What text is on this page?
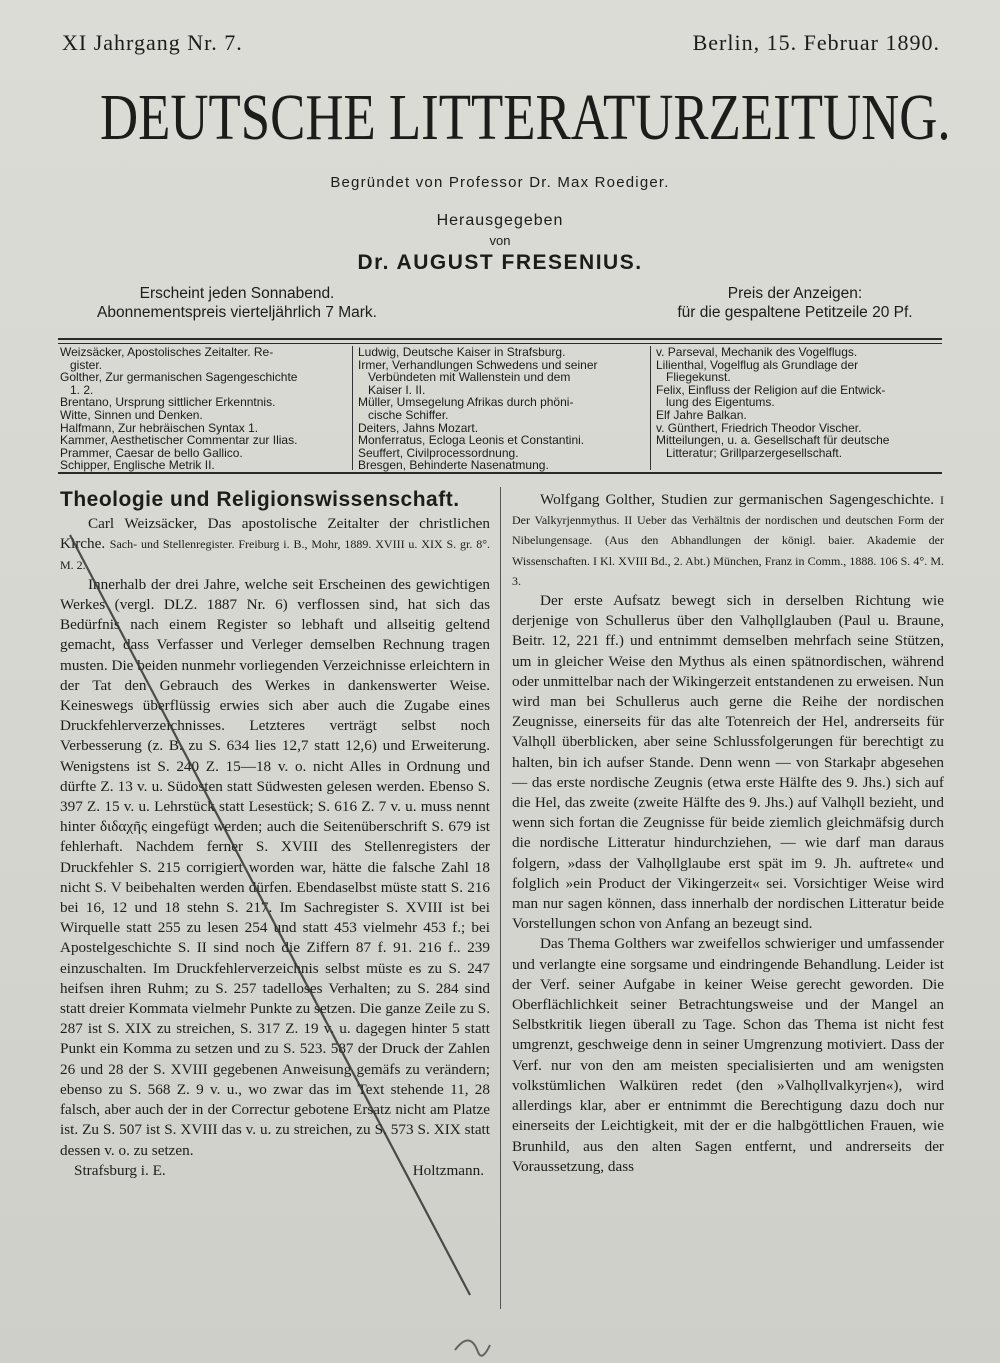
XI Jahrgang Nr. 7.	Berlin, 15. Februar 1890.
DEUTSCHE LITTERATURZEITUNG.
Begründet von Professor Dr. Max Roediger.
Herausgegeben
von
Dr. AUGUST FRESENIUS.
Erscheint jeden Sonnabend.
Abonnementspreis vierteljährlich 7 Mark.
Preis der Anzeigen:
für die gespaltene Petitzeile 20 Pf.
Weizsäcker, Apostolisches Zeitalter. Re-
gister.
Golther, Zur germanischen Sagengeschichte
1. 2.
Brentano, Ursprung sittlicher Erkenntnis.
Witte, Sinnen und Denken.
Halfmann, Zur hebräischen Syntax 1.
Kammer, Aesthetischer Commentar zur Ilias.
Prammer, Caesar de bello Gallico.
Schipper, Englische Metrik II.
Ludwig, Deutsche Kaiser in Strafsburg.
Irmer, Verhandlungen Schwedens und seiner
Verbündeten mit Wallenstein und dem
Kaiser I. II.
Müller, Umsegelung Afrikas durch phöni-
cische Schiffer.
Deiters, Jahns Mozart.
Monferratus, Ecloga Leonis et Constantini.
Seuffert, Civilprocessordnung.
Bresgen, Behinderte Nasenatmung.
v. Parseval, Mechanik des Vogelflugs.
Lilienthal, Vogelflug als Grundlage der
Fliegekunst.
Felix, Einfluss der Religion auf die Entwick-
lung des Eigentums.
Elf Jahre Balkan.
v. Günthert, Friedrich Theodor Vischer.
Mitteilungen, u. a. Gesellschaft für deutsche
Litteratur; Grillparzergesellschaft.
Theologie und Religionswissenschaft.
Carl Weizsäcker, Das apostolische Zeitalter der christlichen Kirche. Sach- und Stellenregister. Freiburg i. B., Mohr, 1889. XVIII u. XIX S. gr. 8°. M. 2.

Innerhalb der drei Jahre, welche seit Erscheinen des gewichtigen Werkes (vergl. DLZ. 1887 Nr. 6) verflossen sind, hat sich das Bedürfnis nach einem Register so lebhaft und allseitig geltend gemacht, dass Verfasser und Verleger demselben Rechnung tragen musten. Die beiden nunmehr vorliegenden Verzeichnisse erleichtern in der Tat den Gebrauch des Werkes in dankenswerter Weise. Keineswegs überflüssig erwies sich aber auch die Zugabe eines Druckfehlerverzeichnisses. Letzteres verträgt selbst noch Verbesserung (z. B. zu S. 634 lies 12,7 statt 12,6) und Erweiterung. Wenigstens ist S. 240 Z. 15—18 v. o. nicht Alles in Ordnung und dürfte Z. 13 v. u. Südosten statt Südwesten gelesen werden. Ebenso S. 397 Z. 15 v. u. Lehrstück statt Lesestück; S. 616 Z. 7 v. u. muss nennt hinter διδαχῆς eingefügt werden; auch die Seitenüberschrift S. 679 ist fehlerhaft. Nachdem ferner S. XVIII des Stellenregisters der Druckfehler S. 215 corrigiert worden war, hätte die falsche Zahl 18 nicht S. V beibehalten werden dürfen. Ebendaselbst müste statt S. 216 bei 16, 12 und 18 stehn S. 217. Im Sachregister S. XVIII ist bei Wirquelle statt 255 zu lesen 254 und statt 453 vielmehr 453 f.; bei Apostelgeschichte S. II sind noch die Ziffern 87 f. 91. 216 f.. 239 einzuschalten. Im Druckfehlerverzeichnis selbst müste es zu S. 247 heifsen ihren Ruhm; zu S. 257 tadelloses Verhalten; zu S. 284 sind statt dreier Kommata vielmehr Punkte zu setzen. Die ganze Zeile zu S. 287 ist S. XIX zu streichen, S. 317 Z. 19 v. u. dagegen hinter 5 statt Punkt ein Komma zu setzen und zu S. 523. 587 der Druck der Zahlen 26 und 28 der S. XVIII gegebenen Anweisung gemäfs zu verändern; ebenso zu S. 568 Z. 9 v. u., wo zwar das im Text stehende 11, 28 falsch, aber auch der in der Correctur gebotene Ersatz nicht am Platze ist. Zu S. 507 ist S. XVIII das v. u. zu streichen, zu S. 573 S. XIX statt dessen v. o. zu setzen.

Strafsburg i. E.	Holtzmann.
Wolfgang Golther, Studien zur germanischen Sagengeschichte. I Der Valkyrjenmythus. II Ueber das Verhältnis der nordischen und deutschen Form der Nibelungensage. (Aus den Abhandlungen der königl. baier. Akademie der Wissenschaften. I Kl. XVIII Bd., 2. Abt.) München, Franz in Comm., 1888. 106 S. 4°. M. 3.

Der erste Aufsatz bewegt sich in derselben Richtung wie derjenige von Schullerus über den Valhǫllglauben (Paul u. Braune, Beitr. 12, 221 ff.) und entnimmt demselben mehrfach seine Stützen, um in gleicher Weise den Mythus als einen spätnordischen, während oder unmittelbar nach der Wikingerzeit entstandenen zu erweisen. Nun wird man bei Schullerus auch gerne die Reihe der nordischen Zeugnisse, einerseits für das alte Totenreich der Hel, andrerseits für Valhǫll überblicken, aber seine Schlussfolgerungen für berechtigt zu halten, bin ich aufser Stande. Denn wenn — von Starkaþr abgesehen — das erste nordische Zeugnis (etwa erste Hälfte des 9. Jhs.) sich auf die Hel, das zweite (zweite Hälfte des 9. Jhs.) auf Valhǫll bezieht, und wenn sich fortan die Zeugnisse für beide ziemlich gleichmäfsig durch die nordische Litteratur hindurchziehen, — wie darf man daraus folgern, »dass der Valhǫllglaube erst spät im 9. Jh. auftrete« und folglich »ein Product der Vikingerzeit« sei. Vorsichtiger Weise wird man nur sagen können, dass innerhalb der nordischen Litteratur beide Vorstellungen schon von Anfang an bezeugt sind.

Das Thema Golthers war zweifellos schwieriger und umfassender und verlangte eine sorgsame und eindringende Behandlung. Leider ist der Verf. seiner Aufgabe in keiner Weise gerecht geworden. Die Oberflächlichkeit seiner Betrachtungsweise und der Mangel an Selbstkritik liegen überall zu Tage. Schon das Thema ist nicht fest umgrenzt, geschweige denn in seiner Umgrenzung motiviert. Dass der Verf. nur von den am meisten specialisierten und am wenigsten volkstümlichen Walküren redet (den »Valhǫllvalkyrjen«), wird allerdings klar, aber er entnimmt die Berechtigung dazu doch nur einerseits der Leichtigkeit, mit der er die halbgöttlichen Frauen, wie Brunhild, aus den alten Sagen entfernt, und andrerseits der Voraussetzung, dass
